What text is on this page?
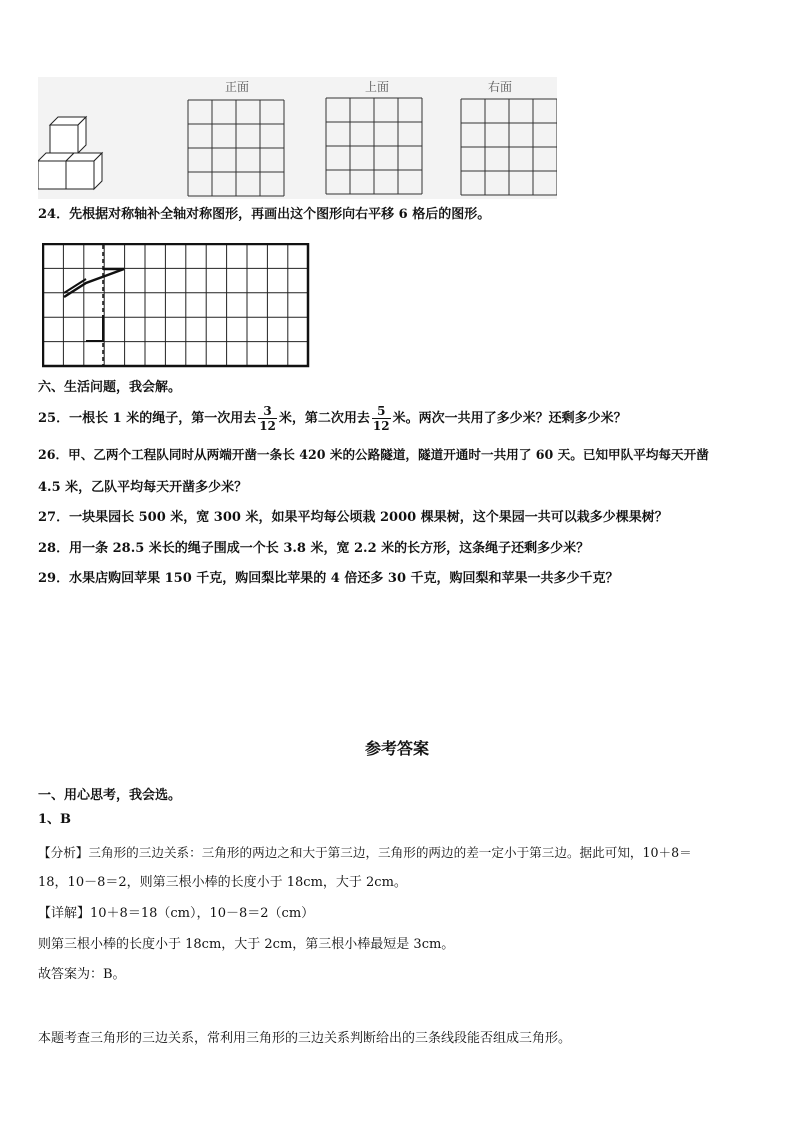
正面	上面	右面
24．先根据对称轴补全轴对称图形，再画出这个图形向右平移 6 格后的图形。
六、生活问题，我会解。
25．一根长 1 米的绳子，第一次用去 $\frac{3}{12}$ 米，第二次用去 $\frac{5}{12}$ 米。两次一共用了多少米？还剩多少米？
26．甲、乙两个工程队同时从两端开凿一条长 420 米的公路隧道，隧道开通时一共用了 60 天。已知甲队平均每天开凿
4.5 米，乙队平均每天开凿多少米？
27．一块果园长 500 米，宽 300 米，如果平均每公顷栽 2000 棵果树，这个果园一共可以栽多少棵果树？
28．用一条 28.5 米长的绳子围成一个长 3.8 米，宽 2.2 米的长方形，这条绳子还剩多少米？
29．水果店购回苹果 150 千克，购回梨比苹果的 4 倍还多 30 千克，购回梨和苹果一共多少千克？
参考答案
一、用心思考，我会选。
1、B
【分析】三角形的三边关系：三角形的两边之和大于第三边，三角形的两边的差一定小于第三边。据此可知，10＋8＝
18，10－8＝2，则第三根小棒的长度小于 18cm，大于 2cm。
【详解】10＋8＝18（cm），10－8＝2（cm）
则第三根小棒的长度小于 18cm，大于 2cm，第三根小棒最短是 3cm。
故答案为：B。
本题考查三角形的三边关系，常利用三角形的三边关系判断给出的三条线段能否组成三角形。
